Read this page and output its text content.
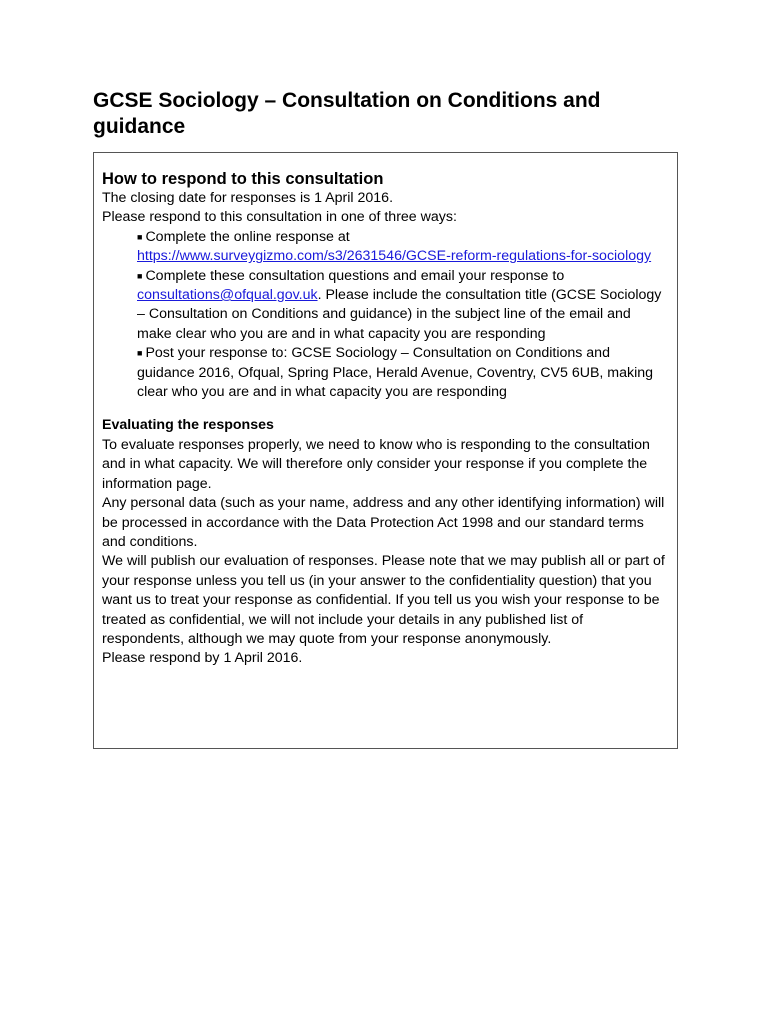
GCSE Sociology – Consultation on Conditions and guidance
How to respond to this consultation

The closing date for responses is 1 April 2016.

Please respond to this consultation in one of three ways:

■ Complete the online response at
https://www.surveygizmo.com/s3/2631546/GCSE-reform-regulations-for-sociology
■ Complete these consultation questions and email your response to consultations@ofqual.gov.uk. Please include the consultation title (GCSE Sociology – Consultation on Conditions and guidance) in the subject line of the email and make clear who you are and in what capacity you are responding
■ Post your response to: GCSE Sociology – Consultation on Conditions and guidance 2016, Ofqual, Spring Place, Herald Avenue, Coventry, CV5 6UB, making clear who you are and in what capacity you are responding

Evaluating the responses

To evaluate responses properly, we need to know who is responding to the consultation and in what capacity. We will therefore only consider your response if you complete the information page.

Any personal data (such as your name, address and any other identifying information) will be processed in accordance with the Data Protection Act 1998 and our standard terms and conditions.

We will publish our evaluation of responses. Please note that we may publish all or part of your response unless you tell us (in your answer to the confidentiality question) that you want us to treat your response as confidential. If you tell us you wish your response to be treated as confidential, we will not include your details in any published list of respondents, although we may quote from your response anonymously.

Please respond by 1 April 2016.
